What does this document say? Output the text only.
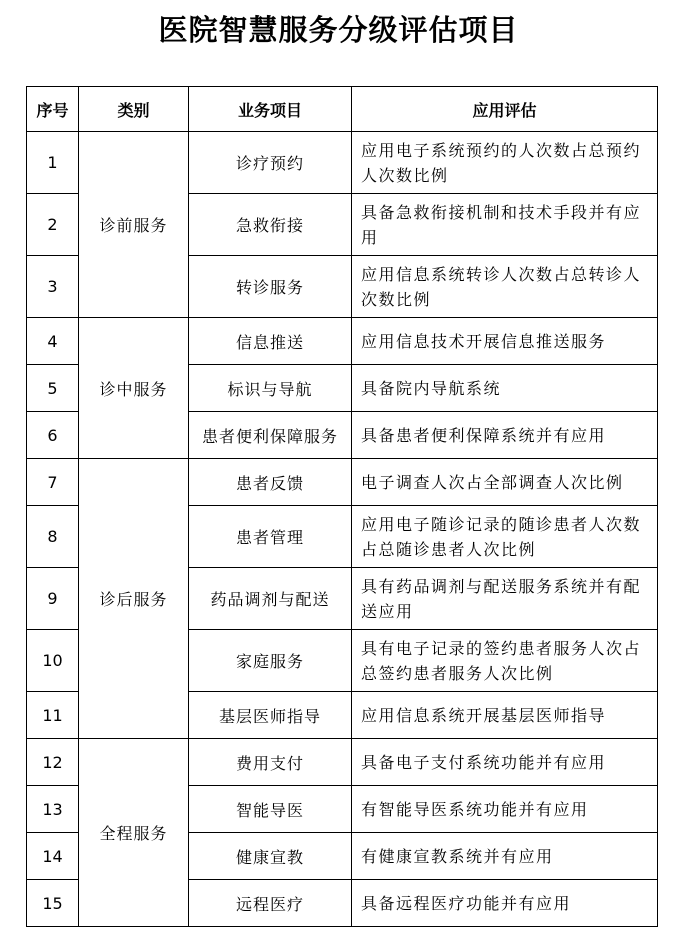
医院智慧服务分级评估项目
序号	类别	业务项目	应用评估
1	诊前服务	诊疗预约	应用电子系统预约的人次数占总预约人次数比例
2		急救衔接	具备急救衔接机制和技术手段并有应用
3		转诊服务	应用信息系统转诊人次数占总转诊人次数比例
4	诊中服务	信息推送	应用信息技术开展信息推送服务
5		标识与导航	具备院内导航系统
6		患者便利保障服务	具备患者便利保障系统并有应用
7	诊后服务	患者反馈	电子调查人次占全部调查人次比例
8		患者管理	应用电子随诊记录的随诊患者人次数占总随诊患者人次比例
9		药品调剂与配送	具有药品调剂与配送服务系统并有配送应用
10		家庭服务	具有电子记录的签约患者服务人次占总签约患者服务人次比例
11		基层医师指导	应用信息系统开展基层医师指导
12	全程服务	费用支付	具备电子支付系统功能并有应用
13		智能导医	有智能导医系统功能并有应用
14		健康宣教	有健康宣教系统并有应用
15		远程医疗	具备远程医疗功能并有应用
